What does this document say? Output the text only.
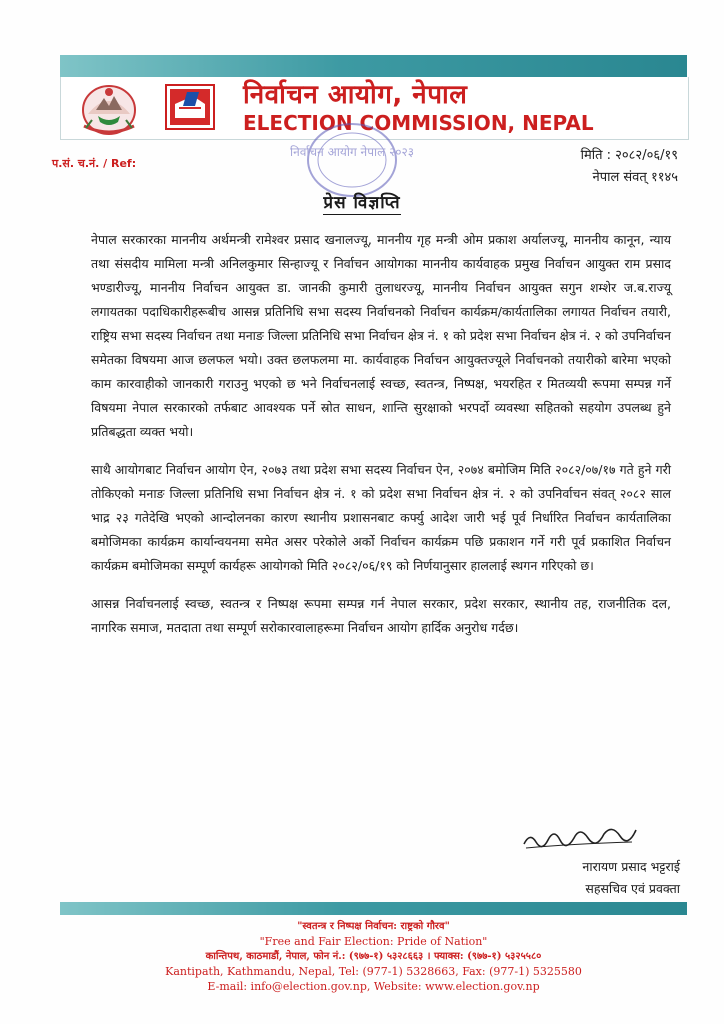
निर्वाचन आयोग, नेपाल
ELECTION COMMISSION, NEPAL
निर्वाचन आयोग नेपाल २०२३
प.सं. च.नं. / Ref:
मिति : २०८२/०६/१९
नेपाल संवत् ११४५
प्रेस विज्ञप्ति

नेपाल सरकारका माननीय अर्थमन्त्री रामेश्वर प्रसाद खनालज्यू, माननीय गृह मन्त्री ओम प्रकाश अर्यालज्यू, माननीय कानून, न्याय तथा संसदीय मामिला मन्त्री अनिलकुमार सिन्हाज्यू र निर्वाचन आयोगका माननीय कार्यवाहक प्रमुख निर्वाचन आयुक्त राम प्रसाद भण्डारीज्यू, माननीय निर्वाचन आयुक्त डा. जानकी कुमारी तुलाधरज्यू, माननीय निर्वाचन आयुक्त सगुन शम्शेर ज.ब.राज्यू लगायतका पदाधिकारीहरूबीच आसन्न प्रतिनिधि सभा सदस्य निर्वाचनको निर्वाचन कार्यक्रम/कार्यतालिका लगायत निर्वाचन तयारी, राष्ट्रिय सभा सदस्य निर्वाचन तथा मनाङ जिल्ला प्रतिनिधि सभा निर्वाचन क्षेत्र नं. १ को प्रदेश सभा निर्वाचन क्षेत्र नं. २ को उपनिर्वाचन समेतका विषयमा आज छलफल भयो। उक्त छलफलमा मा. कार्यवाहक निर्वाचन आयुक्तज्यूले निर्वाचनको तयारीको बारेमा भएको काम कारवाहीको जानकारी गराउनु भएको छ भने निर्वाचनलाई स्वच्छ, स्वतन्त्र, निष्पक्ष, भयरहित र मितव्ययी रूपमा सम्पन्न गर्ने विषयमा नेपाल सरकारको तर्फबाट आवश्यक पर्ने स्रोत साधन, शान्ति सुरक्षाको भरपर्दो व्यवस्था सहितको सहयोग उपलब्ध हुने प्रतिबद्धता व्यक्त भयो।

साथै आयोगबाट निर्वाचन आयोग ऐन, २०७३ तथा प्रदेश सभा सदस्य निर्वाचन ऐन, २०७४ बमोजिम मिति २०८२/०७/१७ गते हुने गरी तोकिएको मनाङ जिल्ला प्रतिनिधि सभा निर्वाचन क्षेत्र नं. १ को प्रदेश सभा निर्वाचन क्षेत्र नं. २ को उपनिर्वाचन संवत् २०८२ साल भाद्र २३ गतेदेखि भएको आन्दोलनका कारण स्थानीय प्रशासनबाट कर्फ्यु आदेश जारी भई पूर्व निर्धारित निर्वाचन कार्यतालिका बमोजिमका कार्यक्रम कार्यान्वयनमा समेत असर परेकोले अर्को निर्वाचन कार्यक्रम पछि प्रकाशन गर्ने गरी पूर्व प्रकाशित निर्वाचन कार्यक्रम बमोजिमका सम्पूर्ण कार्यहरू आयोगको मिति २०८२/०६/१९ को निर्णयानुसार हाललाई स्थगन गरिएको छ।

आसन्न निर्वाचनलाई स्वच्छ, स्वतन्त्र र निष्पक्ष रूपमा सम्पन्न गर्न नेपाल सरकार, प्रदेश सरकार, स्थानीय तह, राजनीतिक दल, नागरिक समाज, मतदाता तथा सम्पूर्ण सरोकारवालाहरूमा निर्वाचन आयोग हार्दिक अनुरोध गर्दछ।

नारायण प्रसाद भट्टराई
सहसचिव एवं प्रवक्ता
"स्वतन्त्र र निष्पक्ष निर्वाचन: राष्ट्रको गौरव"
"Free and Fair Election: Pride of Nation"
कान्तिपथ, काठमाडौं, नेपाल, फोन नं.: (९७७-१) ५३२८६६३ । फ्याक्स: (९७७-१) ५३२५५८०
Kantipath, Kathmandu, Nepal, Tel: (977-1) 5328663, Fax: (977-1) 5325580
E-mail: info@election.gov.np, Website: www.election.gov.np
